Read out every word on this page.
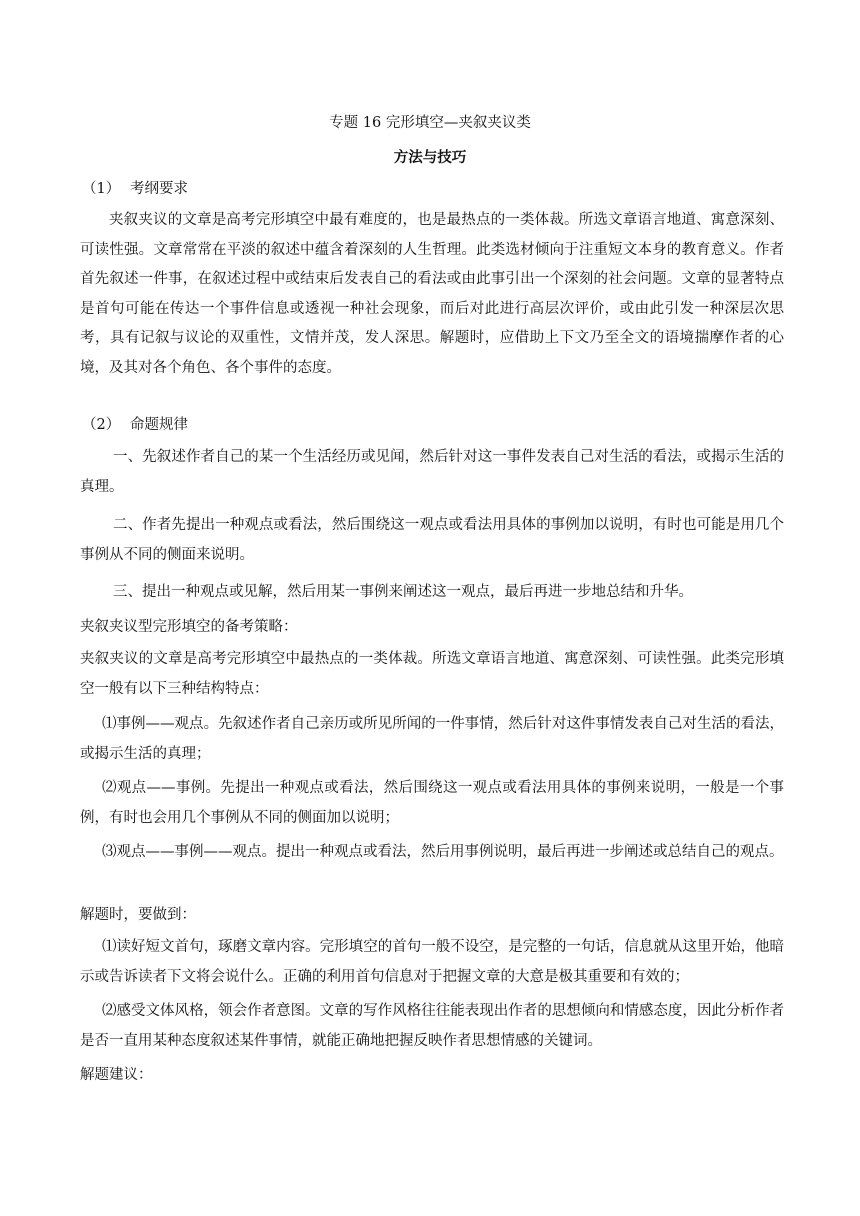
专题 16 完形填空—夹叙夹议类
方法与技巧
（1） 考纲要求
夹叙夹议的文章是高考完形填空中最有难度的，也是最热点的一类体裁。所选文章语言地道、寓意深刻、可读性强。文章常常在平淡的叙述中蕴含着深刻的人生哲理。此类选材倾向于注重短文本身的教育意义。作者首先叙述一件事，在叙述过程中或结束后发表自己的看法或由此事引出一个深刻的社会问题。文章的显著特点是首句可能在传达一个事件信息或透视一种社会现象，而后对此进行高层次评价，或由此引发一种深层次思考，具有记叙与议论的双重性，文情并茂，发人深思。解题时，应借助上下文乃至全文的语境揣摩作者的心境，及其对各个角色、各个事件的态度。
（2） 命题规律
一、先叙述作者自己的某一个生活经历或见闻，然后针对这一事件发表自己对生活的看法，或揭示生活的真理。
二、作者先提出一种观点或看法，然后围绕这一观点或看法用具体的事例加以说明，有时也可能是用几个事例从不同的侧面来说明。
三、提出一种观点或见解，然后用某一事例来阐述这一观点，最后再进一步地总结和升华。
夹叙夹议型完形填空的备考策略：
夹叙夹议的文章是高考完形填空中最热点的一类体裁。所选文章语言地道、寓意深刻、可读性强。此类完形填空一般有以下三种结构特点：
⑴事例——观点。先叙述作者自己亲历或所见所闻的一件事情，然后针对这件事情发表自己对生活的看法，或揭示生活的真理；
⑵观点——事例。先提出一种观点或看法，然后围绕这一观点或看法用具体的事例来说明，一般是一个事例，有时也会用几个事例从不同的侧面加以说明；
⑶观点——事例——观点。提出一种观点或看法，然后用事例说明，最后再进一步阐述或总结自己的观点。
解题时，要做到：
⑴读好短文首句，琢磨文章内容。完形填空的首句一般不设空，是完整的一句话，信息就从这里开始，他暗示或告诉读者下文将会说什么。正确的利用首句信息对于把握文章的大意是极其重要和有效的；
⑵感受文体风格，领会作者意图。文章的写作风格往往能表现出作者的思想倾向和情感态度，因此分析作者是否一直用某种态度叙述某件事情，就能正确地把握反映作者思想情感的关键词。
解题建议：
